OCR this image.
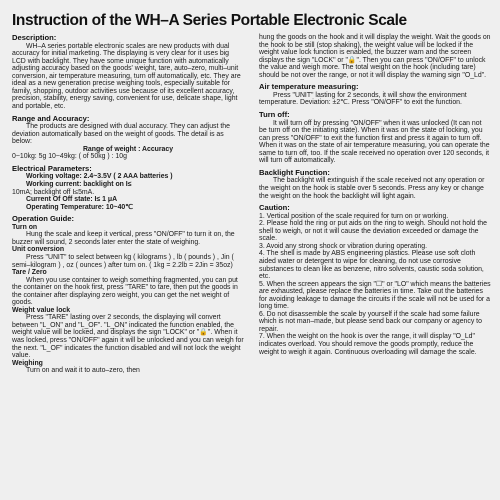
Instruction of the WH–A Series Portable Electronic Scale

Description:

WH–A series portable electronic scales are new products with dual accuracy for initial marketing. The displaying is very clear for it uses big LCD with backlight. They have some unique function with automatically adjusting accuracy based on the goods' weight, tare, auto–zero, multi–unit conversion, air temperature measuring, turn off automatically, etc. They are ideal as a new generation precise weighing tools, especially suitable for family, shopping, outdoor activities use because of its excellent accuracy, precision, stability, energy saving, convenient for use, delicate shape, light and portable, etc.

Range and Accuracy:

The products are designed with dual accuracy. They can adjust the deviation automatically based on the weight of goods. The detail is as below:

Range of weight : Accuracy

0~10kg: 5g 10~49kg: ( of 50kg ) : 10g

Electrical Parameters:

Working voltage: 2.4~3.5V ( 2 AAA batteries )

Working current: backlight on I≤

10mA; backlight off I≤5mA.

Current Of Off state: I≤ 1 μA

Operating Temperature: 10~40℃

Operation Guide:

Turn on

Hung the scale and keep it vertical, press "ON/OFF" to turn it on, the buzzer will sound, 2 seconds later enter the state of weighing.

Unit conversion

Press "UNIT" to select between kg ( kilograms ) , lb ( pounds ) , Jin ( semi–kilogram ) , oz ( ounces ) after turn on. ( 1kg = 2.2lb = 2Jin = 35oz)

Tare / Zero

When you use container to weigh something fragmented, you can put the container on the hook first, press "TARE" to tare, then put the goods in the container after displaying zero weight, you can get the net weight of goods.

Weight value lock

Press "TARE" lasting over 2 seconds, the displaying will convert between "L_ON" and "L_OF". "L_ON" indicated the function enabled, the weight value will be locked, and displays the sign "LOCK" or "🔒". When it was locked, press "ON/OFF" again it will be unlocked and you can weigh for the next. "L_OF" indicates the function disabled and will not lock the weight value.

Weighing

Turn on and wait it to auto–zero, then

hung the goods on the hook and it will display the weight. Wait the goods on the hook to be still (stop shaking), the weight value will be locked if the weight value lock function is enabled, the buzzer warn and the screen displays the sign "LOCK" or "🔒". Then you can press "ON/OFF" to unlock the value and weigh more. The total weight on the hook (including tare) should be not over the range, or not it will display the warning sign "O_Ld".

Air temperature measuring:

Press "UNIT" lasting for 2 seconds, it will show the environment temperature. Deviation: ±2℃. Press "ON/OFF" to exit the function.

Turn off:

It will turn off by pressing "ON/OFF" when it was unlocked (It can not be turn off on the initiating state). When it was on the state of locking, you can press "ON/OFF" to exit the function first and press it again to turn off. When it was on the state of air temperature measuring, you can operate the same to turn off, too. If the scale received no operation over 120 seconds, it will turn off automatically.

Backlight Function:

The backlight will extinguish if the scale received not any operation or the weight on the hook is stable over 5 seconds. Press any key or change the weight on the hook the backlight will light again.

Caution:

1. Vertical position of the scale required for turn on or working.

2. Please hold the ring or put aids on the ring to weigh. Should not hold the shell to weigh, or not it will cause the deviation exceeded or damage the scale.

3. Avoid any strong shock or vibration during operating.

4. The shell is made by ABS engineering plastics. Please use soft cloth aided water or detergent to wipe for cleaning, do not use corrosive substances to clean like as benzene, nitro solvents, caustic soda solution, etc.

5. When the screen appears the sign "☐" or "LO" which means the batteries are exhausted, please replace the batteries in time. Take out the batteries for avoiding leakage to damage the circuits if the scale will not be used for a long time.

6. Do not disassemble the scale by yourself if the scale had some failure which is not man–made, but please send back our company or agency to repair.

7. When the weight on the hook is over the range, it will display "O_Ld" indicates overload. You should remove the goods promptly, reduce the weight to weigh it again. Continuous overloading will damage the scale.
